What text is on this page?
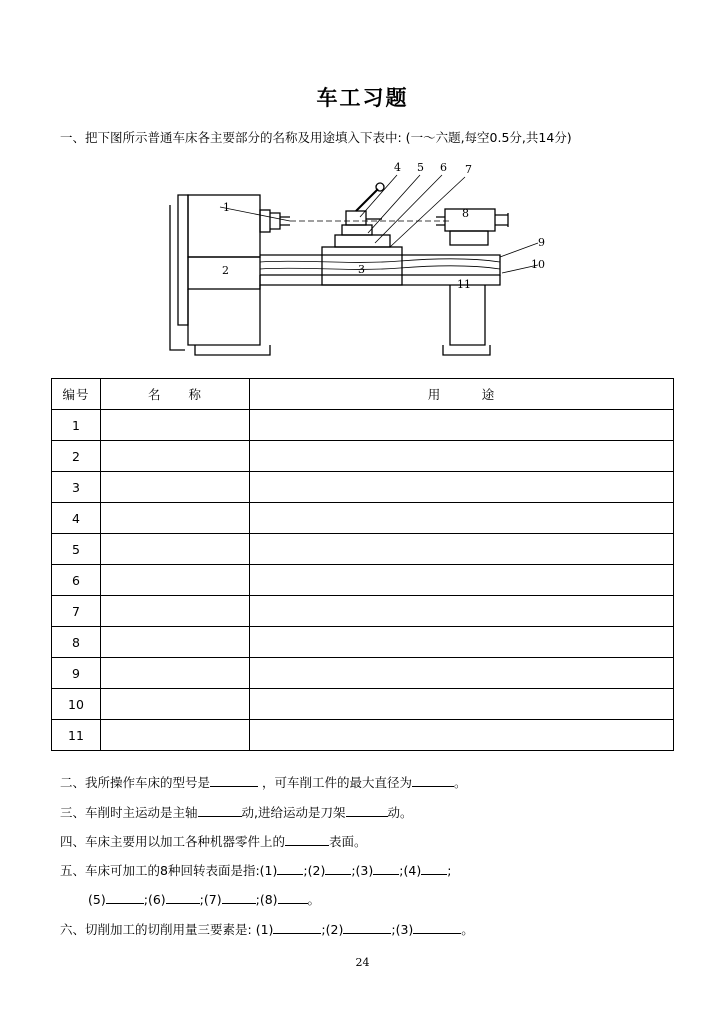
车工习题
一、把下图所示普通车床各主要部分的名称及用途填入下表中: (一～六题,每空0.5分,共14分)
1
2	3
4 5 6 7
8
9
10
11
编号	名　　称	用　　　途
1		
2		
3		
4		
5		
6		
7		
8		
9		
10		
11		
二、我所操作车床的型号是	，可车削工件的最大直径为	。
三、车削时主运动是主轴	动,进给运动是刀架	动。
四、车床主要用以加工各种机器零件上的	表面。
五、车床可加工的8种回转表面是指:(1) ;(2) ;(3) ;(4) ;
(5)	;(6)	;(7)	;(8) 。
六、切削加工的切削用量三要素是: (1)	;(2)	;(3)	。
24
